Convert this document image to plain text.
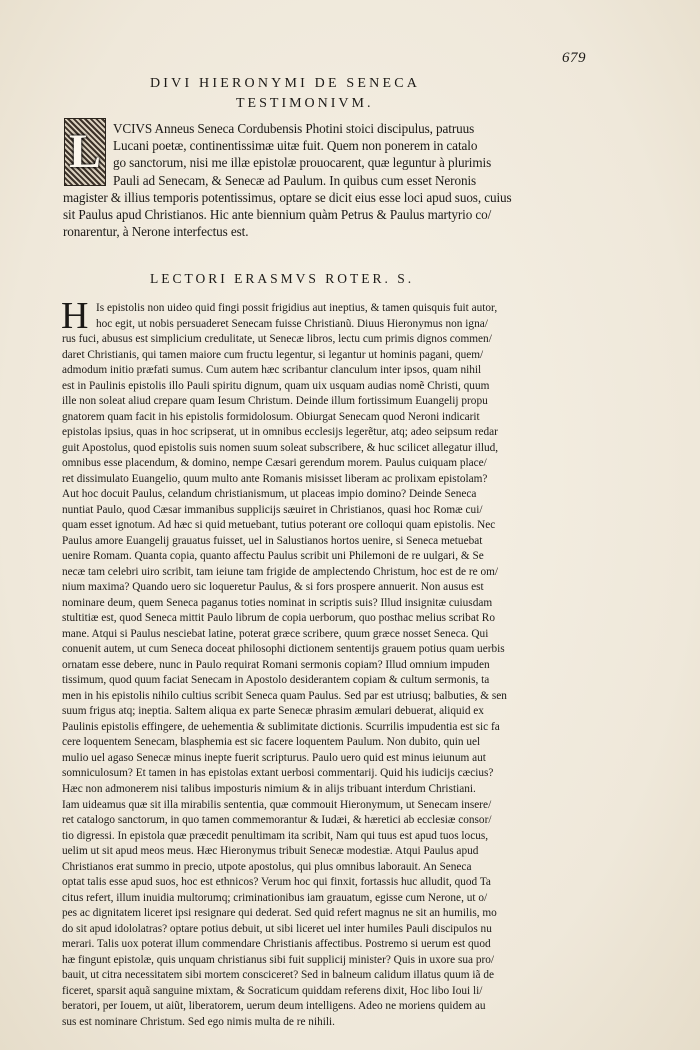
679
DIVI HIERONYMI DE SENECA
TESTIMONIVM.
L VCIVS Anneus Seneca Cordubensis Photini stoici discipulus, patruus
Lucani poetæ, continentissimæ uitæ fuit. Quem non ponerem in catalo
go sanctorum, nisi me illæ epistolæ prouocarent, quæ leguntur à plurimis
Pauli ad Senecam, & Senecæ ad Paulum. In quibus cum esset Neronis
magister & illius temporis potentissimus, optare se dicit eius esse loci apud suos, cuius
sit Paulus apud Christianos. Hic ante biennium quàm Petrus & Paulus martyrio co/
ronarentur, à Nerone interfectus est.
LECTORI ERASMVS ROTER. S.
H Is epistolis non uideo quid fingi possit frigidius aut ineptius, & tamen quisquis fuit autor,
hoc egit, ut nobis persuaderet Senecam fuisse Christianũ. Diuus Hieronymus non igna/
rus fuci, abusus est simplicium credulitate, ut Senecæ libros, lectu cum primis dignos commen/
daret Christianis, qui tamen maiore cum fructu legentur, si legantur ut hominis pagani, quem/
admodum initio præfati sumus. Cum autem hæc scribantur clanculum inter ipsos, quam nihil
est in Paulinis epistolis illo Pauli spiritu dignum, quam uix usquam audias nomẽ Christi, quum
ille non soleat aliud crepare quam Iesum Christum. Deinde illum fortissimum Euangelij propu
gnatorem quam facit in his epistolis formidolosum. Obiurgat Senecam quod Neroni indicarit
epistolas ipsius, quas in hoc scripserat, ut in omnibus ecclesijs legerẽtur, atq; adeo seipsum redar
guit Apostolus, quod epistolis suis nomen suum soleat subscribere, & huc scilicet allegatur illud,
omnibus esse placendum, & domino, nempe Cæsari gerendum morem. Paulus cuiquam place/
ret dissimulato Euangelio, quum multo ante Romanis misisset liberam ac prolixam epistolam?
Aut hoc docuit Paulus, celandum christianismum, ut placeas impio domino? Deinde Seneca
nuntiat Paulo, quod Cæsar immanibus supplicijs sæuiret in Christianos, quasi hoc Romæ cui/
quam esset ignotum. Ad hæc si quid metuebant, tutius poterant ore colloqui quam epistolis. Nec
Paulus amore Euangelij grauatus fuisset, uel in Salustianos hortos uenire, si Seneca metuebat
uenire Romam. Quanta copia, quanto affectu Paulus scribit uni Philemoni de re uulgari, & Se
necæ tam celebri uiro scribit, tam ieiune tam frigide de amplectendo Christum, hoc est de re om/
nium maxima? Quando uero sic loqueretur Paulus, & si fors prospere annuerit. Non ausus est
nominare deum, quem Seneca paganus toties nominat in scriptis suis? Illud insignitæ cuiusdam
stultitiæ est, quod Seneca mittit Paulo librum de copia uerborum, quo posthac melius scribat Ro
mane. Atqui si Paulus nesciebat latine, poterat græce scribere, quum græce nosset Seneca. Qui
conuenit autem, ut cum Seneca doceat philosophi dictionem sententijs grauem potius quam uerbis
ornatam esse debere, nunc in Paulo requirat Romani sermonis copiam? Illud omnium impuden
tissimum, quod quum faciat Senecam in Apostolo desiderantem copiam & cultum sermonis, ta
men in his epistolis nihilo cultius scribit Seneca quam Paulus. Sed par est utriusq; balbuties, & sen
suum frigus atq; ineptia. Saltem aliqua ex parte Senecæ phrasim æmulari debuerat, aliquid ex
Paulinis epistolis effingere, de uehementia & sublimitate dictionis. Scurrilis impudentia est sic fa
cere loquentem Senecam, blasphemia est sic facere loquentem Paulum. Non dubito, quin uel
mulio uel agaso Senecæ minus inepte fuerit scripturus. Paulo uero quid est minus ieiunum aut
somniculosum? Et tamen in has epistolas extant uerbosi commentarij. Quid his iudicijs cæcius?
Hæc non admonerem nisi talibus imposturis nimium & in alijs tribuant interdum Christiani.
Iam uideamus quæ sit illa mirabilis sententia, quæ commouit Hieronymum, ut Senecam insere/
ret catalogo sanctorum, in quo tamen commemorantur & Iudæi, & hæretici ab ecclesiæ consor/
tio digressi. In epistola quæ præcedit penultimam ita scribit, Nam qui tuus est apud tuos locus,
uelim ut sit apud meos meus. Hæc Hieronymus tribuit Senecæ modestiæ. Atqui Paulus apud
Christianos erat summo in precio, utpote apostolus, qui plus omnibus laborauit. An Seneca
optat talis esse apud suos, hoc est ethnicos? Verum hoc qui finxit, fortassis huc alludit, quod Ta
citus refert, illum inuidia multorumq; criminationibus iam grauatum, egisse cum Nerone, ut o/
pes ac dignitatem liceret ipsi resignare qui dederat. Sed quid refert magnus ne sit an humilis, mo
do sit apud idololatras? optare potius debuit, ut sibi liceret uel inter humiles Pauli discipulos nu
merari. Talis uox poterat illum commendare Christianis affectibus. Postremo si uerum est quod
hæ fingunt epistolæ, quis unquam christianus sibi fuit supplicij minister? Quis in uxore sua pro/
bauit, ut citra necessitatem sibi mortem consciceret? Sed in balneum calidum illatus quum iã de
ficeret, sparsit aquã sanguine mixtam, & Socraticum quiddam referens dixit, Hoc libo Ioui li/
beratori, per Iouem, ut aiũt, liberatorem, uerum deum intelligens. Adeo ne moriens quidem au
sus est nominare Christum. Sed ego nimis multa de re nihili.
